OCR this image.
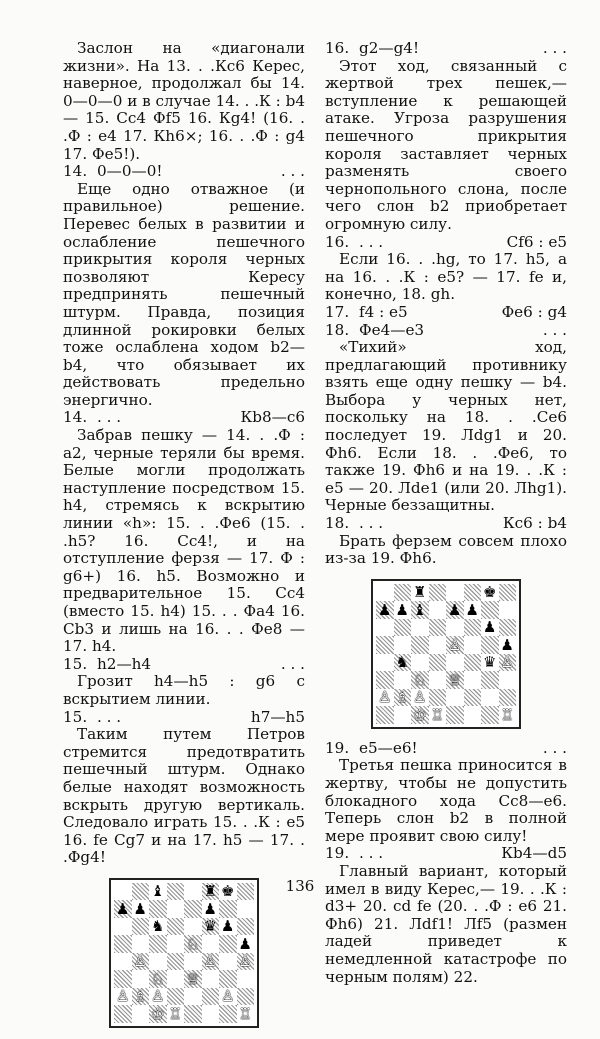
Заслон на «диагонали жизни». На 13. . .Кс6 Керес, наверное, продолжал бы 14. 0—0—0 и в случае 14. . .К : b4 — 15. Сс4 Фf5 16. Кg4! (16. . .Ф : е4 17. Кh6×; 16. . .Ф : g4 17. Фе5!).

14. 0—0—0!	. . .

Еще одно отважное (и правильное) решение. Перевес белых в развитии и ослабление пешечного прикрытия короля черных позволяют Кересу предпринять пешечный штурм. Правда, позиция длинной рокировки белых тоже ослаблена ходом b2—b4, что обязывает их действовать предельно энергично.

14. . . .	Кb8—с6

Забрав пешку — 14. . .Ф : а2, черные теряли бы время. Белые могли продолжать наступление посредством 15. h4, стремясь к вскрытию линии «h»: 15. . .Фе6 (15. . .h5? 16. Сс4!, и на отступление ферзя — 17. Ф : g6+) 16. h5. Возможно и предварительное 15. Сс4 (вместо 15. h4) 15. . . Фа4 16. Сb3 и лишь на 16. . . Фе8 — 17. h4.

15. h2—h4	. . .

Грозит h4—h5 : g6 с вскрытием линии.

15. . . .	h7—h5

Таким путем Петров стремится предотвратить пешечный штурм. Однако белые находят возможность вскрыть другую вертикаль. Следовало играть 15. . .К : е5 16. fe Сg7 и на 17. h5 — 17. . .Фg4!

♝	♜ ♚
♟ ♟	♟
♞	♛ ♟
♘	♟
♙	♙ ♙
♘ ♕
♙ ♗ ♙	♙
♔ ♖	♖
16. g2—g4!	. . .

Этот ход, связанный с жертвой трех пешек,— вступление к решающей атаке. Угроза разрушения пешечного прикрытия короля заставляет черных разменять своего чернопольного слона, после чего слон b2 приобретает огромную силу.

16. . . .	Сf6 : е5

Если 16. . .hg, то 17. h5, а на 16. . .К : е5? — 17. fe и, конечно, 18. gh.

17. f4 : е5	Фе6 : g4
18. Фе4—е3	. . .

«Тихий» ход, предлагающий противнику взять еще одну пешку — b4. Выбора у черных нет, поскольку на 18. . .Се6 последует 19. Лdg1 и 20. Фh6. Если 18. . .Фе6, то также 19. Фh6 и на 19. . .К : е5 — 20. Лdе1 (или 20. Лhg1). Черные беззащитны.

18. . . .	Кс6 : b4

Брать ферзем совсем плохо из-за 19. Фh6.

♜	♚
♟ ♟ ♝ ♟ ♟
♟
♙	♟
♞	♛ ♙
♘ ♕
♙ ♗ ♙
♔ ♖	♖
19. е5—е6!	. . .

Третья пешка приносится в жертву, чтобы не допустить блокадного хода Сс8—е6. Теперь слон b2 в полной мере проявит свою силу!

19. . . .	Кb4—d5

Главный вариант, который имел в виду Керес,— 19. . .К : d3+ 20. cd fe (20. . .Ф : е6 21. Фh6) 21. Лdf1! Лf5 (размен ладей приведет к немедленной катастрофе по черным полям) 22.

136
